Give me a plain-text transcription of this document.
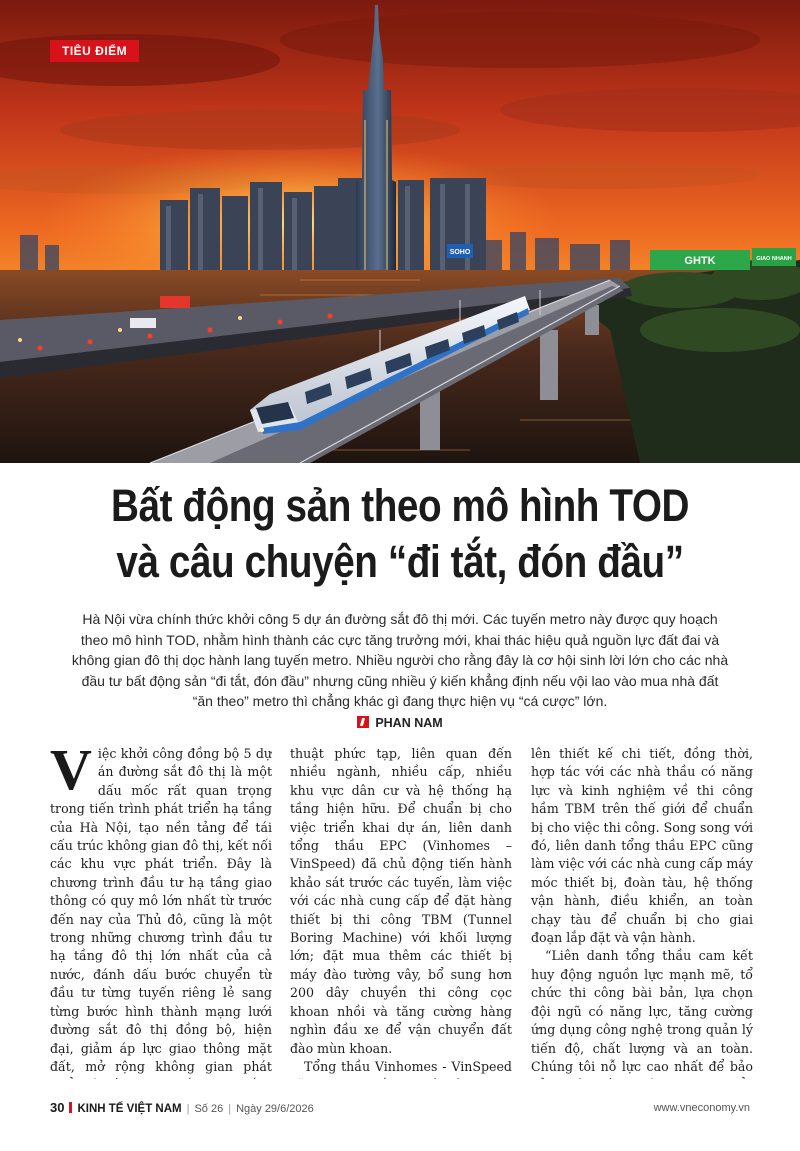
SOHO
GHTK	GIAO NHANH
TIÊU ĐIỂM
Bất động sản theo mô hình TOD
và câu chuyện “đi tắt, đón đầu”

Hà Nội vừa chính thức khởi công 5 dự án đường sắt đô thị mới. Các tuyến metro này được quy hoạch theo mô hình TOD, nhằm hình thành các cực tăng trưởng mới, khai thác hiệu quả nguồn lực đất đai và không gian đô thị dọc hành lang tuyến metro. Nhiều người cho rằng đây là cơ hội sinh lời lớn cho các nhà đầu tư bất động sản “đi tắt, đón đầu” nhưng cũng nhiều ý kiến khẳng định nếu vội lao vào mua nhà đất “ăn theo” metro thì chẳng khác gì đang thực hiện vụ “cá cược” lớn.

PHAN NAM

Việc khởi công đồng bộ 5 dự án đường sắt đô thị là một dấu mốc rất quan trọng trong tiến trình phát triển hạ tầng của Hà Nội, tạo nền tảng để tái cấu trúc không gian đô thị, kết nối các khu vực phát triển. Đây là chương trình đầu tư hạ tầng giao thông có quy mô lớn nhất từ trước đến nay của Thủ đô, cũng là một trong những chương trình đầu tư hạ tầng đô thị lớn nhất của cả nước, đánh dấu bước chuyển từ đầu tư từng tuyến riêng lẻ sang từng bước hình thành mạng lưới đường sắt đô thị đồng bộ, hiện đại, giảm áp lực giao thông mặt đất, mở rộng không gian phát

thuật phức tạp, liên quan đến nhiều ngành, nhiều cấp, nhiều khu vực dân cư và hệ thống hạ tầng hiện hữu. Để chuẩn bị cho việc triển khai dự án, liên danh tổng thầu EPC (Vinhomes – VinSpeed) đã chủ động tiến hành khảo sát trước các tuyến, làm việc với các nhà cung cấp để đặt hàng thiết bị thi công TBM (Tunnel Boring Machine) với khối lượng lớn; đặt mua thêm các thiết bị máy đào tường vây, bổ sung hơn 200 dây chuyền thi công cọc khoan nhồi và tăng cường hàng nghìn đầu xe để vận chuyển đất đào mùn khoan.

Tổng thầu Vinhomes - VinSpeed

lên thiết kế chi tiết, đồng thời, hợp tác với các nhà thầu có năng lực và kinh nghiệm về thi công hầm TBM trên thế giới để chuẩn bị cho việc thi công. Song song với đó, liên danh tổng thầu EPC cũng làm việc với các nhà cung cấp máy móc thiết bị, đoàn tàu, hệ thống vận hành, điều khiển, an toàn chạy tàu để chuẩn bị cho giai đoạn lắp đặt và vận hành.

“Liên danh tổng thầu cam kết huy động nguồn lực mạnh mẽ, tổ chức thi công bài bản, lựa chọn đội ngũ có năng lực, tăng cường ứng dụng công nghệ trong quản lý tiến độ, chất lượng và an toàn. Chúng tôi nỗ lực cao nhất để bảo

30 KINH TẾ VIỆT NAM | Số 26 | Ngày 29/6/2026	www.vneconomy.vn
